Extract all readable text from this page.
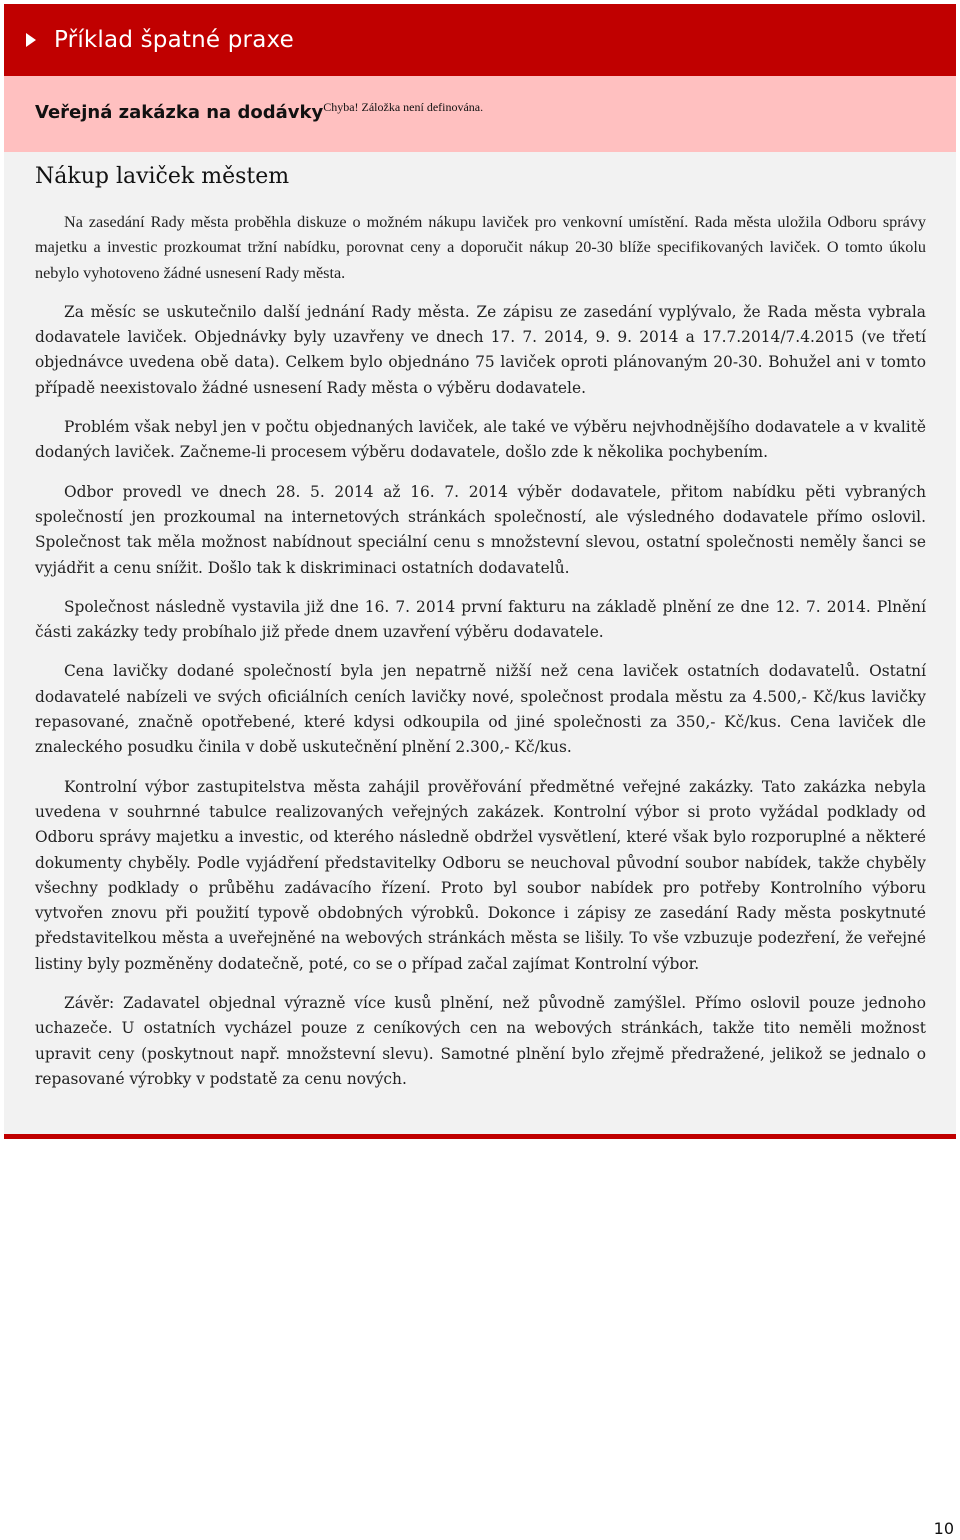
Příklad špatné praxe
Veřejná zakázka na dodávky$^{Chyba! Záložka není definována.}$
Nákup laviček městem

Na zasedání Rady města proběhla diskuze o možném nákupu laviček pro venkovní umístění. Rada města uložila Odboru správy majetku a investic prozkoumat tržní nabídku, porovnat ceny a doporučit nákup 20-30 blíže specifikovaných laviček. O tomto úkolu nebylo vyhotoveno žádné usnesení Rady města.

Za měsíc se uskutečnilo další jednání Rady města. Ze zápisu ze zasedání vyplývalo, že Rada města vybrala dodavatele laviček. Objednávky byly uzavřeny ve dnech 17. 7. 2014, 9. 9. 2014 a 17.7.2014/7.4.2015 (ve třetí objednávce uvedena obě data). Celkem bylo objednáno 75 laviček oproti plánovaným 20-30. Bohužel ani v tomto případě neexistovalo žádné usnesení Rady města o výběru dodavatele.

Problém však nebyl jen v počtu objednaných laviček, ale také ve výběru nejvhodnějšího dodavatele a v kvalitě dodaných laviček. Začneme-li procesem výběru dodavatele, došlo zde k několika pochybením.

Odbor provedl ve dnech 28. 5. 2014 až 16. 7. 2014 výběr dodavatele, přitom nabídku pěti vybraných společností jen prozkoumal na internetových stránkách společností, ale výsledného dodavatele přímo oslovil. Společnost tak měla možnost nabídnout speciální cenu s množstevní slevou, ostatní společnosti neměly šanci se vyjádřit a cenu snížit. Došlo tak k diskriminaci ostatních dodavatelů.

Společnost následně vystavila již dne 16. 7. 2014 první fakturu na základě plnění ze dne 12. 7. 2014. Plnění části zakázky tedy probíhalo již přede dnem uzavření výběru dodavatele.

Cena lavičky dodané společností byla jen nepatrně nižší než cena laviček ostatních dodavatelů. Ostatní dodavatelé nabízeli ve svých oficiálních ceních lavičky nové, společnost prodala městu za 4.500,- Kč/kus lavičky repasované, značně opotřebené, které kdysi odkoupila od jiné společnosti za 350,- Kč/kus. Cena laviček dle znaleckého posudku činila v době uskutečnění plnění 2.300,- Kč/kus.

Kontrolní výbor zastupitelstva města zahájil prověřování předmětné veřejné zakázky. Tato zakázka nebyla uvedena v souhrnné tabulce realizovaných veřejných zakázek. Kontrolní výbor si proto vyžádal podklady od Odboru správy majetku a investic, od kterého následně obdržel vysvětlení, které však bylo rozporuplné a některé dokumenty chyběly. Podle vyjádření představitelky Odboru se neuchoval původní soubor nabídek, takže chyběly všechny podklady o průběhu zadávacího řízení. Proto byl soubor nabídek pro potřeby Kontrolního výboru vytvořen znovu při použití typově obdobných výrobků. Dokonce i zápisy ze zasedání Rady města poskytnuté představitelkou města a uveřejněné na webových stránkách města se lišily. To vše vzbuzuje podezření, že veřejné listiny byly pozměněny dodatečně, poté, co se o případ začal zajímat Kontrolní výbor.

Závěr: Zadavatel objednal výrazně více kusů plnění, než původně zamýšlel. Přímo oslovil pouze jednoho uchazeče. U ostatních vycházel pouze z ceníkových cen na webových stránkách, takže tito neměli možnost upravit ceny (poskytnout např. množstevní slevu). Samotné plnění bylo zřejmě předražené, jelikož se jednalo o repasované výrobky v podstatě za cenu nových.

10
